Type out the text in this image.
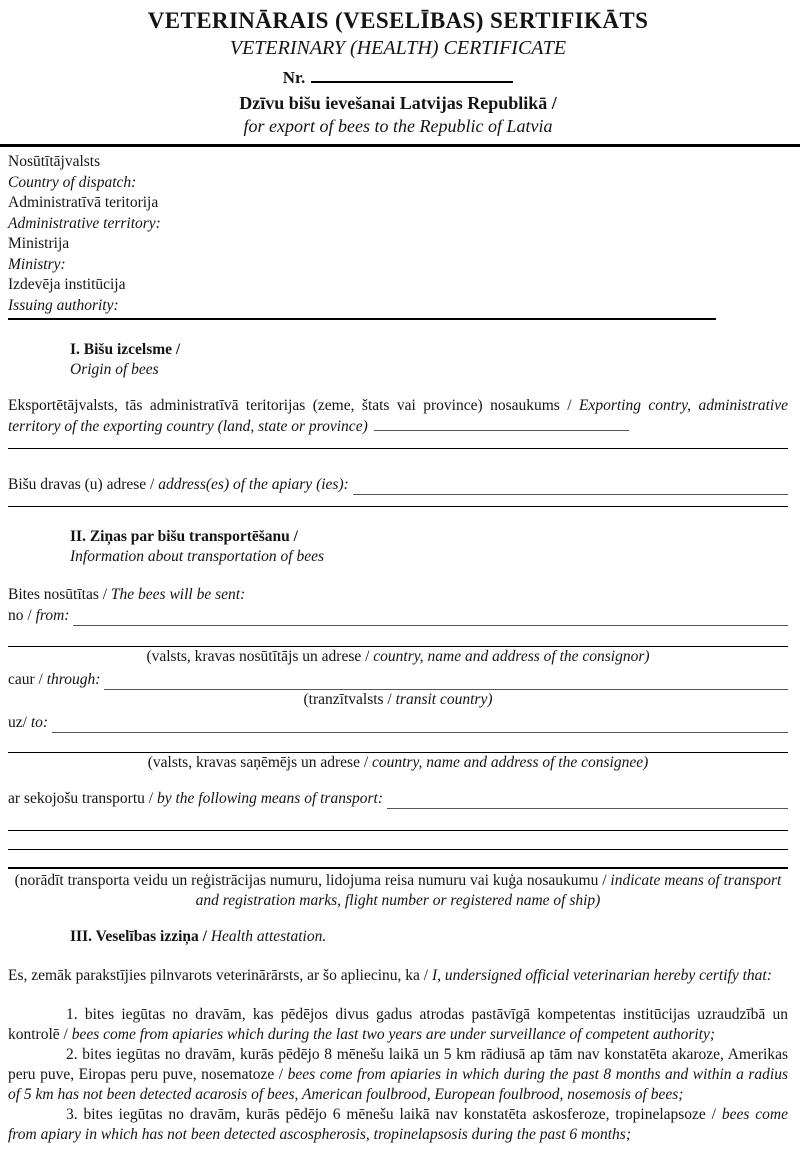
VETERINĀRAIS (VESELĪBAS) SERTIFIKĀTS
VETERINARY (HEALTH) CERTIFICATE
Nr.
Dzīvu bišu ievešanai Latvijas Republikā /
for export of bees to the Republic of Latvia
Nosūtītājvalsts
Country of dispatch:
Administratīvā teritorija
Administrative territory:
Ministrija
Ministry:
Izdevēja institūcija
Issuing authority:
I. Bišu izcelsme /
Origin of bees

Eksportētājvalsts, tās administratīvā teritorijas (zeme, štats vai province) nosaukums / Exporting contry, administrative territory of the exporting country (land, state or province)

Bišu dravas (u) adrese / address(es) of the apiary (ies):
II. Ziņas par bišu transportēšanu /
Information about transportation of bees
Bites nosūtītas / The bees will be sent:
no / from:
(valsts, kravas nosūtītājs un adrese / country, name and address of the consignor)
caur / through:
(tranzītvalsts / transit country)
uz/ to:
(valsts, kravas saņēmējs un adrese / country, name and address of the consignee)
ar sekojošu transportu / by the following means of transport:
(norādīt transporta veidu un reģistrācijas numuru, lidojuma reisa numuru vai kuģa nosaukumu / indicate means of transport and registration marks, flight number or registered name of ship)
III. Veselības izziņa / Health attestation.

Es, zemāk parakstījies pilnvarots veterinārārsts, ar šo apliecinu, ka / I, undersigned official veterinarian hereby certify that:

1. bites iegūtas no dravām, kas pēdējos divus gadus atrodas pastāvīgā kompetentas institūcijas uzraudzībā un kontrolē / bees come from apiaries which during the last two years are under surveillance of competent authority;

2. bites iegūtas no dravām, kurās pēdējo 8 mēnešu laikā un 5 km rādiusā ap tām nav konstatēta akaroze, Amerikas peru puve, Eiropas peru puve, nosematoze / bees come from apiaries in which during the past 8 months and within a radius of 5 km has not been detected acarosis of bees, American foulbrood, European foulbrood, nosemosis of bees;

3. bites iegūtas no dravām, kurās pēdējo 6 mēnešu laikā nav konstatēta askosferoze, tropinelapsoze / bees come from apiary in which has not been detected ascospherosis, tropinelapsosis during the past 6 months;
